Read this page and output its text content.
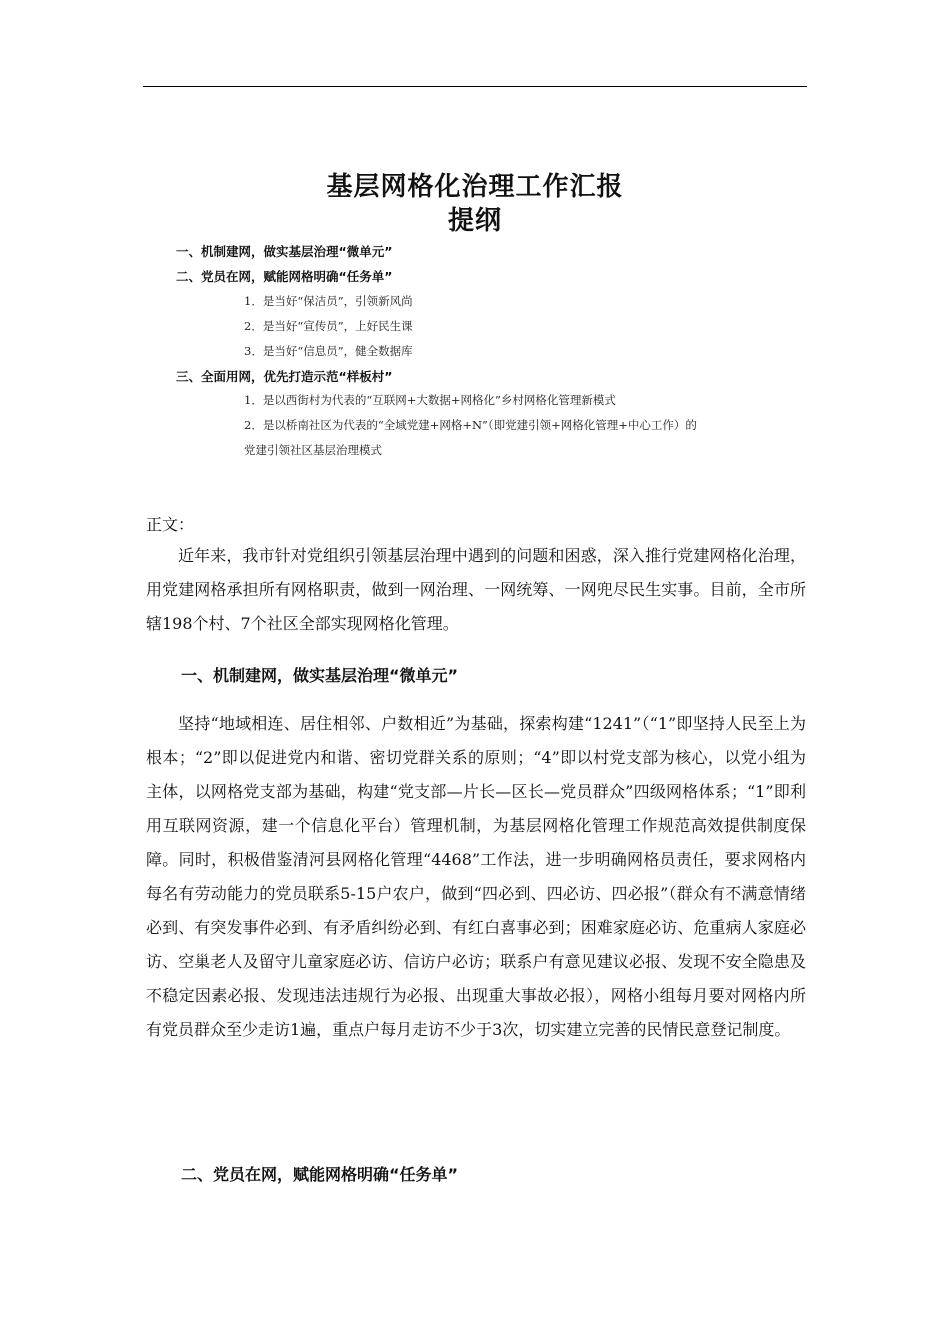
基层网格化治理工作汇报
提纲
一、机制建网，做实基层治理“微单元”
二、党员在网，赋能网格明确“任务单”
1．是当好“保洁员”，引领新风尚
2．是当好“宣传员”，上好民生课
3．是当好“信息员”，健全数据库
三、全面用网，优先打造示范“样板村”
1．是以西街村为代表的“互联网+大数据+网格化”乡村网格化管理新模式
2．是以桥南社区为代表的“全域党建+网格+N”（即党建引领+网格化管理+中心工作）的
党建引领社区基层治理模式
正文：

近年来，我市针对党组织引领基层治理中遇到的问题和困惑，深入推行党建网格化治理，用党建网格承担所有网格职责，做到一网治理、一网统筹、一网兜尽民生实事。目前，全市所辖198个村、7个社区全部实现网格化管理。

一、机制建网，做实基层治理“微单元”

坚持“地域相连、居住相邻、户数相近”为基础，探索构建“1241”（“1”即坚持人民至上为根本；“2”即以促进党内和谐、密切党群关系的原则；“4”即以村党支部为核心，以党小组为主体，以网格党支部为基础，构建“党支部—片长—区长—党员群众”四级网格体系；“1”即利用互联网资源，建一个信息化平台）管理机制，为基层网格化管理工作规范高效提供制度保障。同时，积极借鉴清河县网格化管理“4468”工作法，进一步明确网格员责任，要求网格内每名有劳动能力的党员联系5-15户农户，做到“四必到、四必访、四必报”（群众有不满意情绪必到、有突发事件必到、有矛盾纠纷必到、有红白喜事必到；困难家庭必访、危重病人家庭必访、空巢老人及留守儿童家庭必访、信访户必访；联系户有意见建议必报、发现不安全隐患及不稳定因素必报、发现违法违规行为必报、出现重大事故必报），网格小组每月要对网格内所有党员群众至少走访1遍，重点户每月走访不少于3次，切实建立完善的民情民意登记制度。

二、党员在网，赋能网格明确“任务单”
